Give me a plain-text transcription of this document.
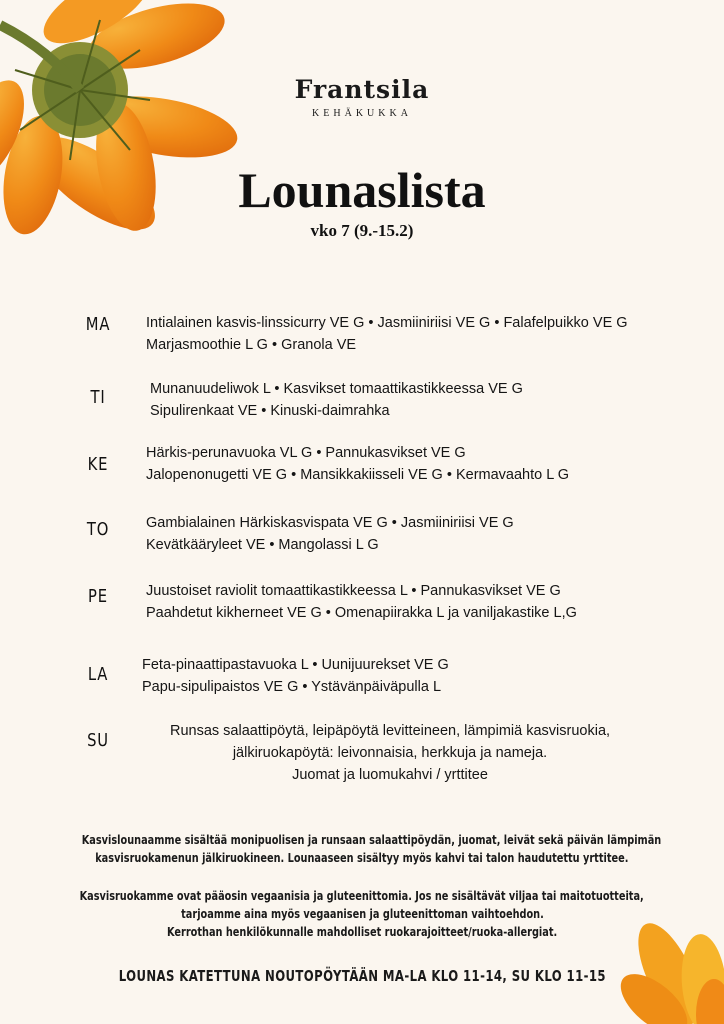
Frantsila
KEHÄKUKKA
Lounaslista
vko 7 (9.-15.2)
MA Intialainen kasvis-linssicurry VE G • Jasmiiniriisi VE G • Falafelpuikko VE G
Marjasmoothie L G • Granola VE
TI	Munanuudeliwok L • Kasvikset tomaattikastikkeessa VE G
Sipulirenkaat VE • Kinuski-daimrahka
KE
Härkis-perunavuoka VL G • Pannukasvikset VE G
Jalopenonugetti VE G • Mansikkakiisseli VE G • Kermavaahto L G
TO	Gambialainen Härkiskasvispata VE G • Jasmiiniriisi VE G
Kevätkääryleet VE • Mangolassi L G
PE	Juustoiset raviolit tomaattikastikkeessa L • Pannukasvikset VE G
Paahdetut kikherneet VE G • Omenapiirakka L ja vaniljakastike L,G
LA	Feta-pinaattipastavuoka L • Uunijuurekset VE G
Papu-sipulipaistos VE G • Ystävänpäiväpulla L
SU	Runsas salaattipöytä, leipäpöytä levitteineen, lämpimiä kasvisruokia,
jälkiruokapöytä: leivonnaisia, herkkuja ja nameja.
Juomat ja luomukahvi / yrttitee
Kasvislounaamme sisältää monipuolisen ja runsaan salaattipöydän, juomat, leivät sekä päivän lämpimän
kasvisruokamenun jälkiruokineen. Lounaaseen sisältyy myös kahvi tai talon haudutettu yrttitee.
Kasvisruokamme ovat pääosin vegaanisia ja gluteenittomia. Jos ne sisältävät viljaa tai maitotuotteita,
tarjoamme aina myös vegaanisen ja gluteenittoman vaihtoehdon.
Kerrothan henkilökunnalle mahdolliset ruokarajoitteet/ruoka-allergiat.
LOUNAS KATETTUNA NOUTOPÖYTÄÄN MA-LA KLO 11-14, SU KLO 11-15
